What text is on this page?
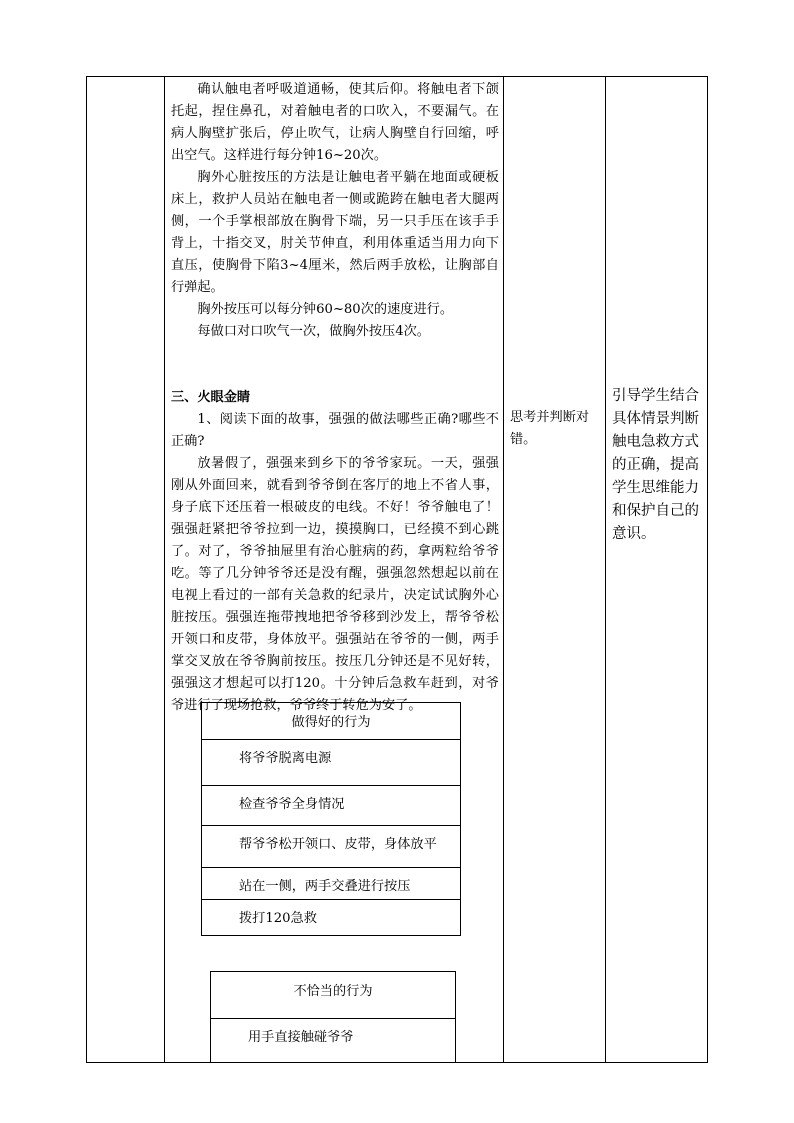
确认触电者呼吸道通畅，使其后仰。将触电者下颌托起，捏住鼻孔，对着触电者的口吹入，不要漏气。在病人胸壁扩张后，停止吹气，让病人胸壁自行回缩，呼出空气。这样进行每分钟16~20次。

胸外心脏按压的方法是让触电者平躺在地面或硬板床上，救护人员站在触电者一侧或跪跨在触电者大腿两侧，一个手掌根部放在胸骨下端，另一只手压在该手手背上，十指交叉，肘关节伸直，利用体重适当用力向下直压，使胸骨下陷3~4厘米，然后两手放松，让胸部自行弹起。

胸外按压可以每分钟60~80次的速度进行。

每做口对口吹气一次，做胸外按压4次。

三、火眼金睛

1、阅读下面的故事，强强的做法哪些正确?哪些不正确?

放暑假了，强强来到乡下的爷爷家玩。一天，强强刚从外面回来，就看到爷爷倒在客厅的地上不省人事，身子底下还压着一根破皮的电线。不好！爷爷触电了！强强赶紧把爷爷拉到一边，摸摸胸口，已经摸不到心跳了。对了，爷爷抽屉里有治心脏病的药，拿两粒给爷爷吃。等了几分钟爷爷还是没有醒，强强忽然想起以前在电视上看过的一部有关急救的纪录片，决定试试胸外心脏按压。强强连拖带拽地把爷爷移到沙发上，帮爷爷松开领口和皮带，身体放平。强强站在爷爷的一侧，两手掌交叉放在爷爷胸前按压。按压几分钟还是不见好转，强强这才想起可以打120。十分钟后急救车赶到，对爷爷进行了现场抢救，爷爷终于转危为安了。

做得好的行为
将爷爷脱离电源
检查爷爷全身情况
帮爷爷松开领口、皮带，身体放平
站在一侧，两手交叠进行按压
拨打120急救
不恰当的行为
用手直接触碰爷爷
思考并判断对错。
引导学生结合具体情景判断触电急救方式的正确，提高学生思维能力和保护自己的意识。
